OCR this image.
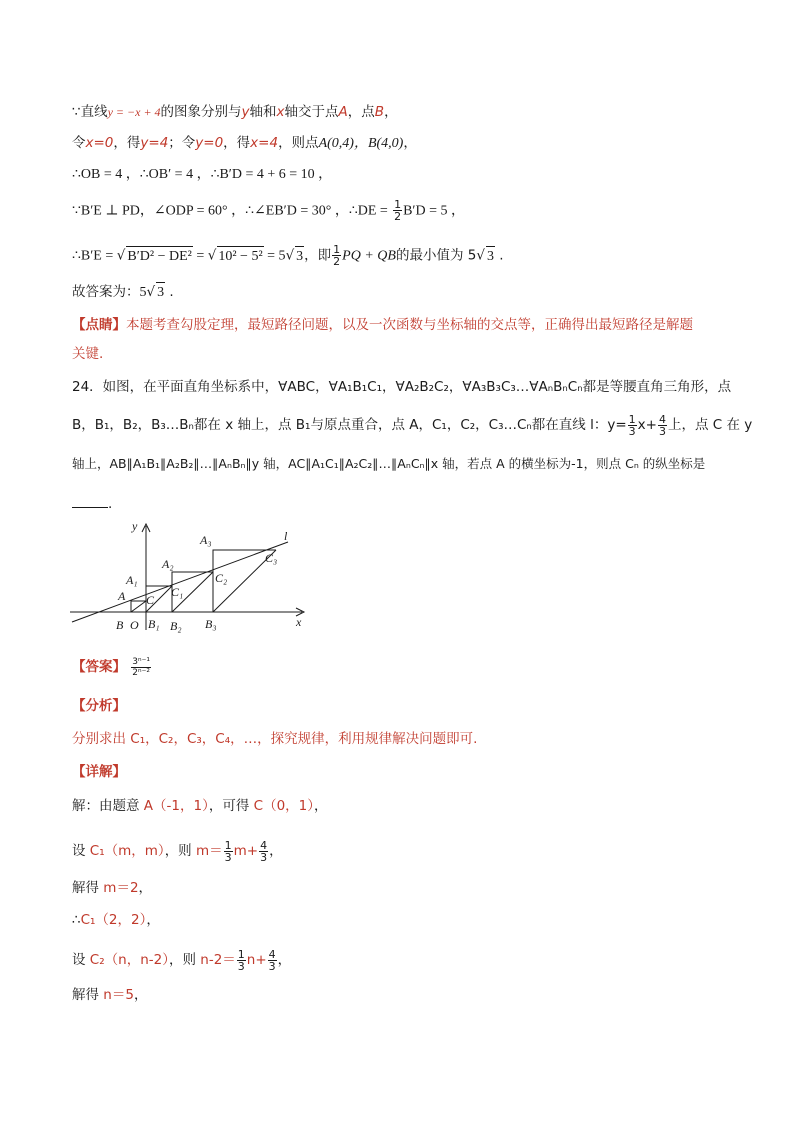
∵直线y = −x + 4的图象分别与y轴和x轴交于点A，点B，
令x=0，得y=4；令y=0，得x=4，则点A(0,4)，B(4,0)，
∴OB = 4 ，∴OB′ = 4 ，∴B′D = 4 + 6 = 10 ，
∵B′E ⊥ PD，∠ODP = 60° ，∴∠EB′D = 30° ，∴DE = $\frac{1}{2} B'D = 5$ ，
∴B′E = √ B′D² − DE² = √ 10² − 5² = 5√ 3，即 $\frac{1}{2}$ PQ + QB的最小值为 5√ 3 .
故答案为：5√ 3 .
【点睛】本题考查勾股定理，最短路径问题，以及一次函数与坐标轴的交点等，正确得出最短路径是解题
关键.
24．如图，在平面直角坐标系中，∀ABC，∀A₁B₁C₁，∀A₂B₂C₂，∀A₃B₃C₃…∀AₙBₙCₙ都是等腰直角三角形，点
B，B₁，B₂，B₃…Bₙ都在 x 轴上，点 B₁与原点重合，点 A，C₁，C₂，C₃…Cₙ都在直线 l：$y= \frac{1}{3} x+ \frac{4}{3}$ 上，点 C 在 y
轴上，AB∥A₁B₁∥A₂B₂∥…∥AₙBₙ∥y 轴，AC∥A₁C₁∥A₂C₂∥…∥AₙCₙ∥x 轴，若点 A 的横坐标为-1，则点 Cₙ 的纵坐标是
.
y
x
l
A
A₁
A₂
A₃
C
C₁
C₂
C₃
B O B₁ B₂ B₃
【答案】 $\frac{\text{3ⁿ⁻¹}}{\text{2ⁿ⁻²}}$
【分析】
分别求出 C₁，C₂，C₃，C₄，…，探究规律，利用规律解决问题即可.
【详解】
解：由题意 A（-1，1），可得 C（0，1），
设 C₁（m，m），则 $m= \frac{1}{3} m+ \frac{4}{3}$ ，
解得 m＝2，
∴C₁（2，2），
设 C₂（n，n-2），则 $n-2= \frac{1}{3} n+ \frac{4}{3}$ ，
解得 n＝5，
